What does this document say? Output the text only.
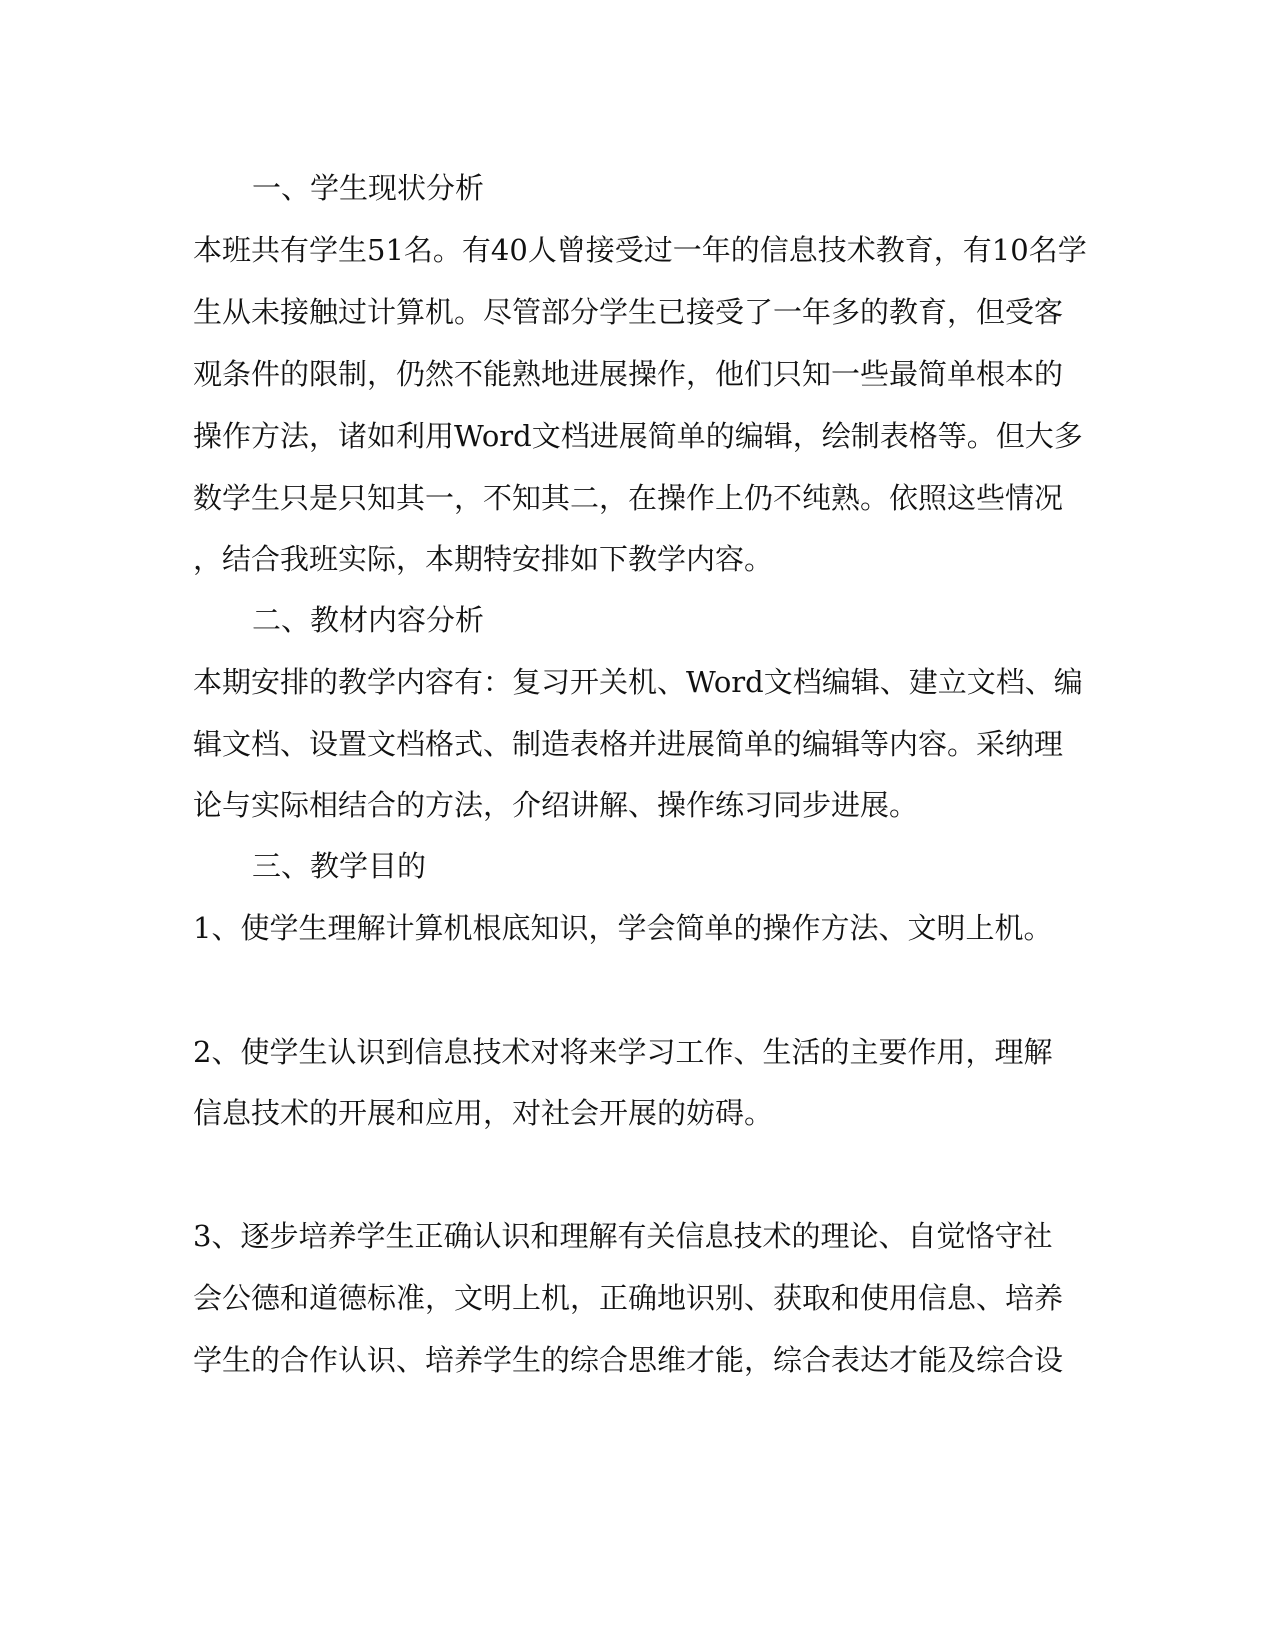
一、学生现状分析
本班共有学生51名。有40人曾接受过一年的信息技术教育，有10名学
生从未接触过计算机。尽管部分学生已接受了一年多的教育，但受客
观条件的限制，仍然不能熟地进展操作，他们只知一些最简单根本的
操作方法，诸如利用Word文档进展简单的编辑，绘制表格等。但大多
数学生只是只知其一，不知其二，在操作上仍不纯熟。依照这些情况
，结合我班实际，本期特安排如下教学内容。
二、教材内容分析
本期安排的教学内容有：复习开关机、Word文档编辑、建立文档、编
辑文档、设置文档格式、制造表格并进展简单的编辑等内容。采纳理
论与实际相结合的方法，介绍讲解、操作练习同步进展。
三、教学目的
1、使学生理解计算机根底知识，学会简单的操作方法、文明上机。
2、使学生认识到信息技术对将来学习工作、生活的主要作用，理解
信息技术的开展和应用，对社会开展的妨碍。
3、逐步培养学生正确认识和理解有关信息技术的理论、自觉恪守社
会公德和道德标准，文明上机，正确地识别、获取和使用信息、培养
学生的合作认识、培养学生的综合思维才能，综合表达才能及综合设
